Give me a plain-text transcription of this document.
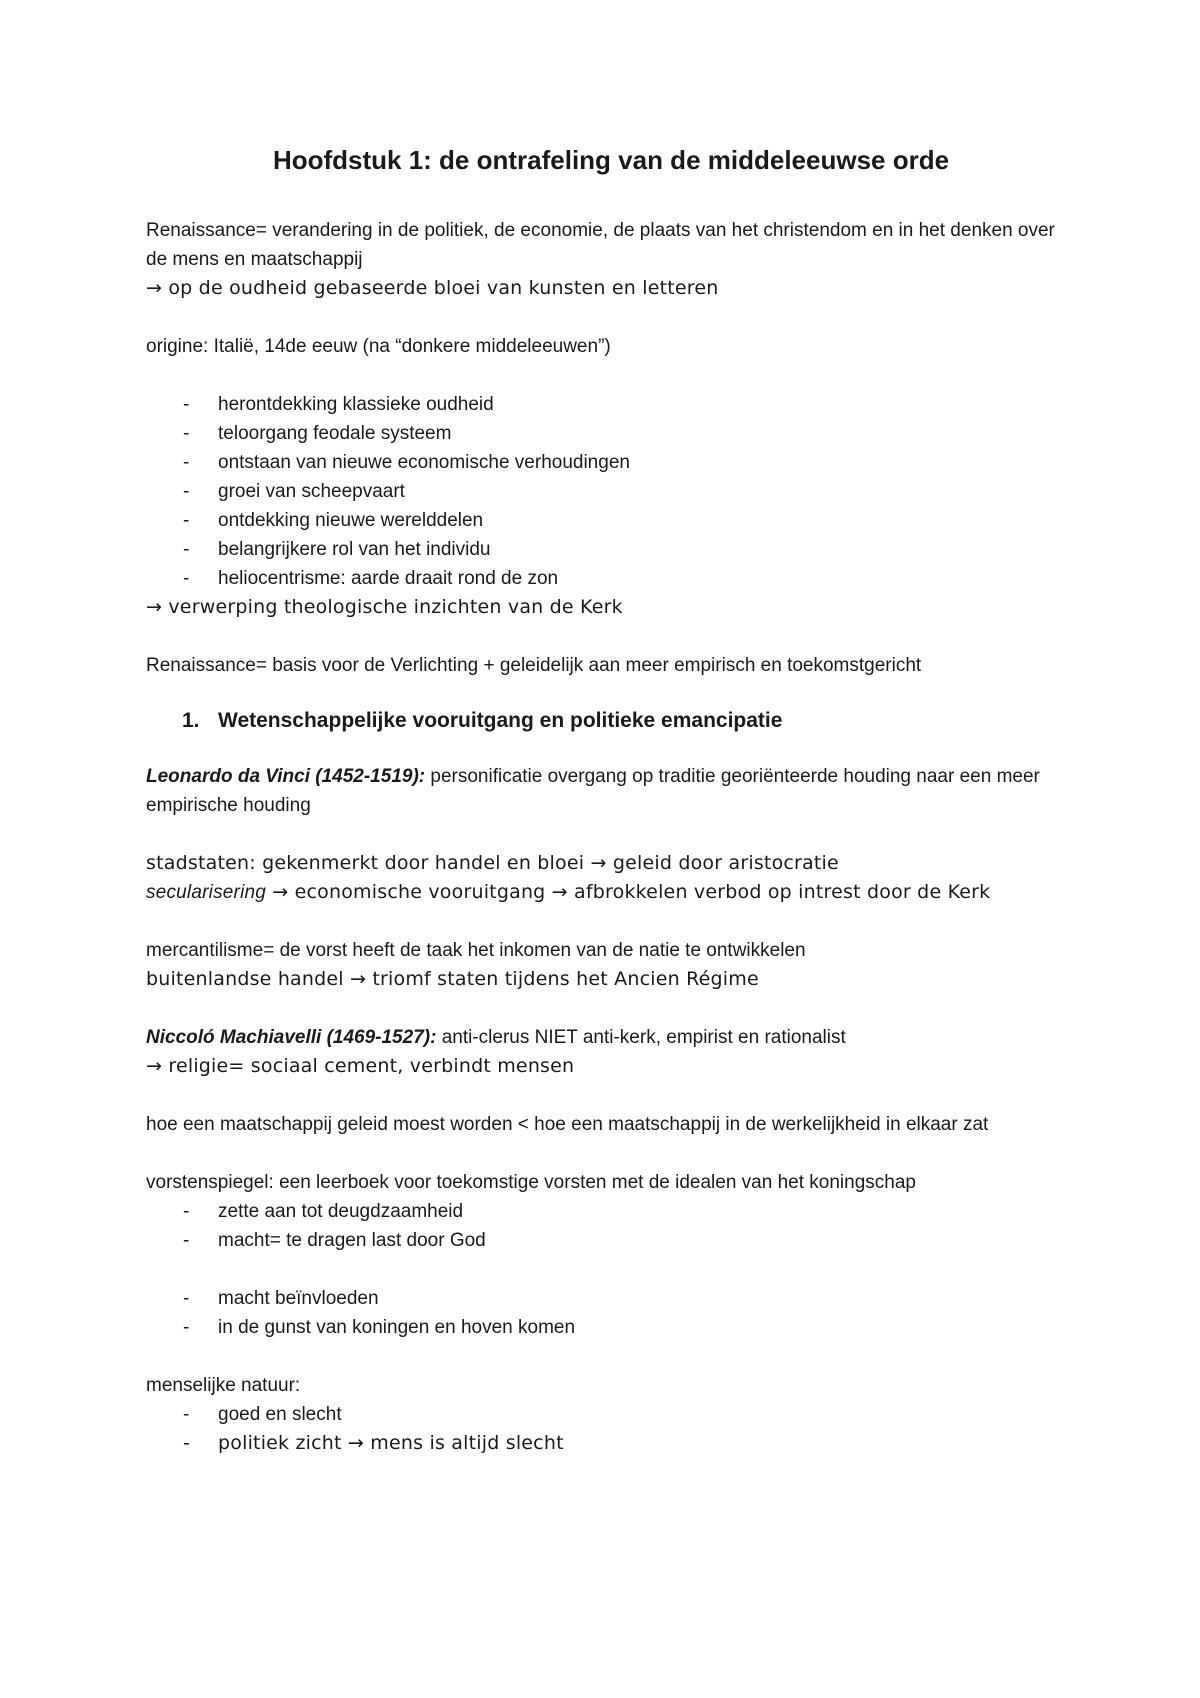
Hoofdstuk 1: de ontrafeling van de middeleeuwse orde

Renaissance= verandering in de politiek, de economie, de plaats van het christendom en in het denken over de mens en maatschappij

→ op de oudheid gebaseerde bloei van kunsten en letteren

origine: Italië, 14de eeuw (na “donkere middeleeuwen”)

- herontdekking klassieke oudheid
- teloorgang feodale systeem
- ontstaan van nieuwe economische verhoudingen
- groei van scheepvaart
- ontdekking nieuwe werelddelen
- belangrijkere rol van het individu
- heliocentrisme: aarde draait rond de zon

→ verwerping theologische inzichten van de Kerk

Renaissance= basis voor de Verlichting + geleidelijk aan meer empirisch en toekomstgericht

1. Wetenschappelijke vooruitgang en politieke emancipatie

Leonardo da Vinci (1452-1519): personificatie overgang op traditie georiënteerde houding naar een meer empirische houding

stadstaten: gekenmerkt door handel en bloei → geleid door aristocratie

secularisering → economische vooruitgang → afbrokkelen verbod op intrest door de Kerk

mercantilisme= de vorst heeft de taak het inkomen van de natie te ontwikkelen

buitenlandse handel → triomf staten tijdens het Ancien Régime

Niccoló Machiavelli (1469-1527): anti-clerus NIET anti-kerk, empirist en rationalist

→ religie= sociaal cement, verbindt mensen

hoe een maatschappij geleid moest worden < hoe een maatschappij in de werkelijkheid in elkaar zat

vorstenspiegel: een leerboek voor toekomstige vorsten met de idealen van het koningschap

- zette aan tot deugdzaamheid
- macht= te dragen last door God
- macht beïnvloeden
- in de gunst van koningen en hoven komen

menselijke natuur:

- goed en slecht
- politiek zicht → mens is altijd slecht
